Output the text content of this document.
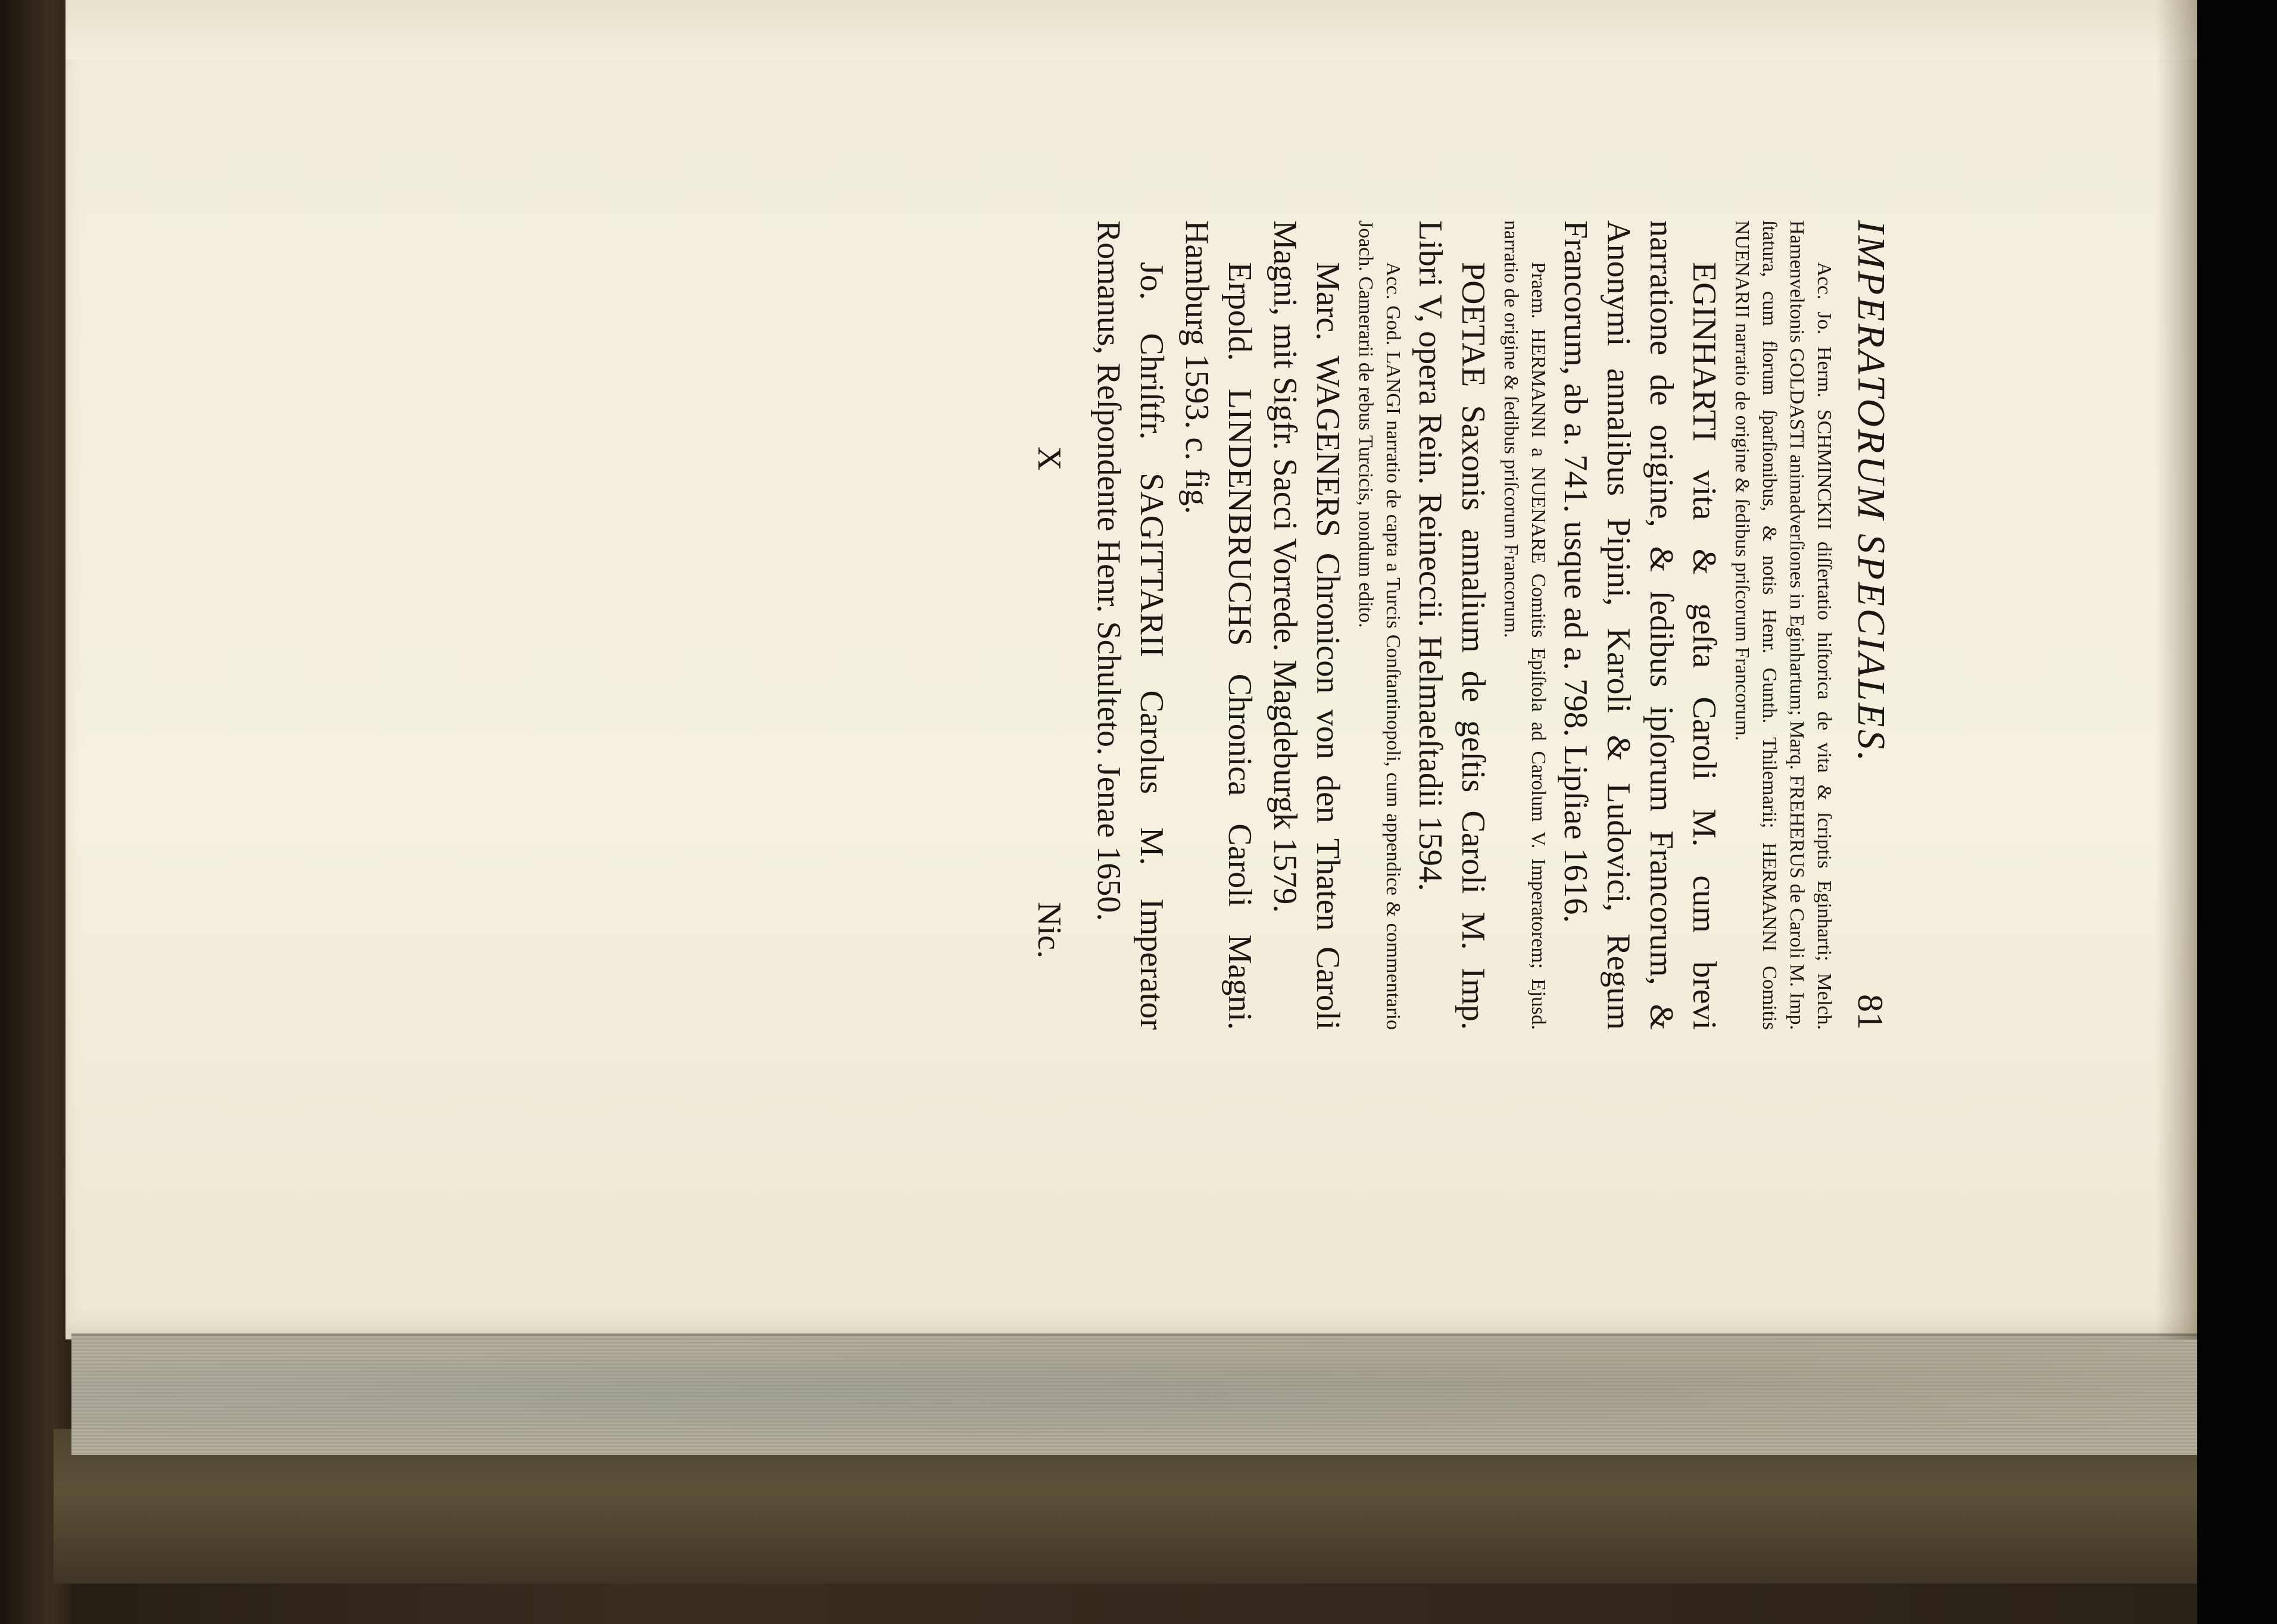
IMPERATORUM SPECIALES.
81

Acc. Jo. Herm. SCHMINCKII diſſertatio hiſtorica de vita & ſcriptis Eginharti; Melch. Hamenveltonis GOLDASTI animadverſiones in Eginhartum; Marq. FREHERUS de Caroli M. Imp. ſtatura, cum florum ſparſionibus, & notis Henr. Gunth. Thilemarii; HERMANNI Comitis NUENARII narratio de origine & ſedibus priſcorum Francorum.

EGINHARTI vita & geſta Caroli M. cum brevi narratione de origine, & ſedibus ipſorum Francorum, & Anonymi annalibus Pipini, Karoli & Ludovici, Regum Francorum, ab a. 741. usque ad a. 798. Lipſiae 1616.

Praem. HERMANNI a NUENARE Comitis Epiſtola ad Carolum V. Imperatorem; Ejusd. narratio de origine & ſedibus priſcorum Francorum.

POETAE Saxonis annalium de geſtis Caroli M. Imp. Libri V, opera Rein. Reineccii. Helmaeſtadii 1594.

Acc. God. LANGI narratio de capta a Turcis Conſtantinopoli, cum appendice & commentario Joach. Camerarii de rebus Turcicis, nondum edito.

Marc. WAGENERS Chronicon von den Thaten Caroli Magni, mit Sigfr. Sacci Vorrede. Magdeburgk 1579.

Erpold. LINDENBRUCHS Chronica Caroli Magni. Hamburg 1593. c. fig.

Jo. Chriſtfr. SAGITTARII Carolus M. Imperator Romanus, Reſpondente Henr. Schulteto. Jenae 1650.

X
Nic.
